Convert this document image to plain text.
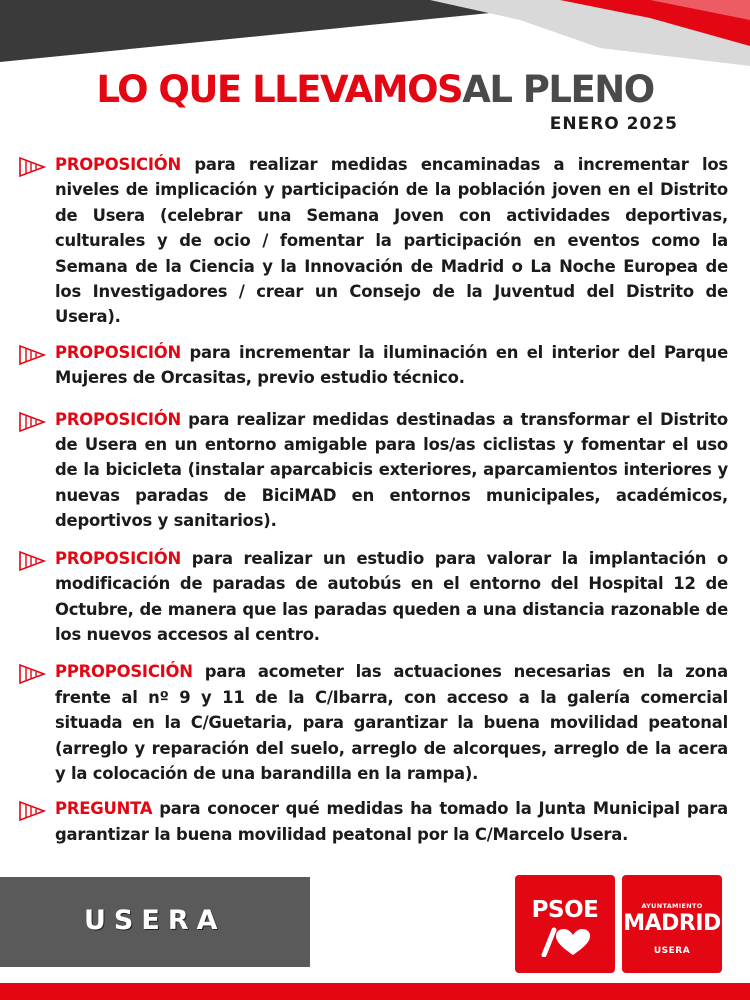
LO QUE LLEVAMOSAL PLENO
ENERO 2025

PROPOSICIÓN para realizar medidas encaminadas a incrementar los niveles de implicación y participación de la población joven en el Distrito de Usera (celebrar una Semana Joven con actividades deportivas, culturales y de ocio / fomentar la participación en eventos como la Semana de la Ciencia y la Innovación de Madrid o La Noche Europea de los Investigadores / crear un Consejo de la Juventud del Distrito de Usera).

PROPOSICIÓN para incrementar la iluminación en el interior del Parque Mujeres de Orcasitas, previo estudio técnico.

PROPOSICIÓN para realizar medidas destinadas a transformar el Distrito de Usera en un entorno amigable para los/as ciclistas y fomentar el uso de la bicicleta (instalar aparcabicis exteriores, aparcamientos interiores y nuevas paradas de BiciMAD en entornos municipales, académicos, deportivos y sanitarios).

PROPOSICIÓN para realizar un estudio para valorar la implantación o modificación de paradas de autobús en el entorno del Hospital 12 de Octubre, de manera que las paradas queden a una distancia razonable de los nuevos accesos al centro.

PPROPOSICIÓN para acometer las actuaciones necesarias en la zona frente al nº 9 y 11 de la C/Ibarra, con acceso a la galería comercial situada en la C/Guetaria, para garantizar la buena movilidad peatonal (arreglo y reparación del suelo, arreglo de alcorques, arreglo de la acera y la colocación de una barandilla en la rampa).

PREGUNTA para conocer qué medidas ha tomado la Junta Municipal para garantizar la buena movilidad peatonal por la C/Marcelo Usera.

USERA	PSOE	AYUNTAMIENTO
MADRID
USERA
